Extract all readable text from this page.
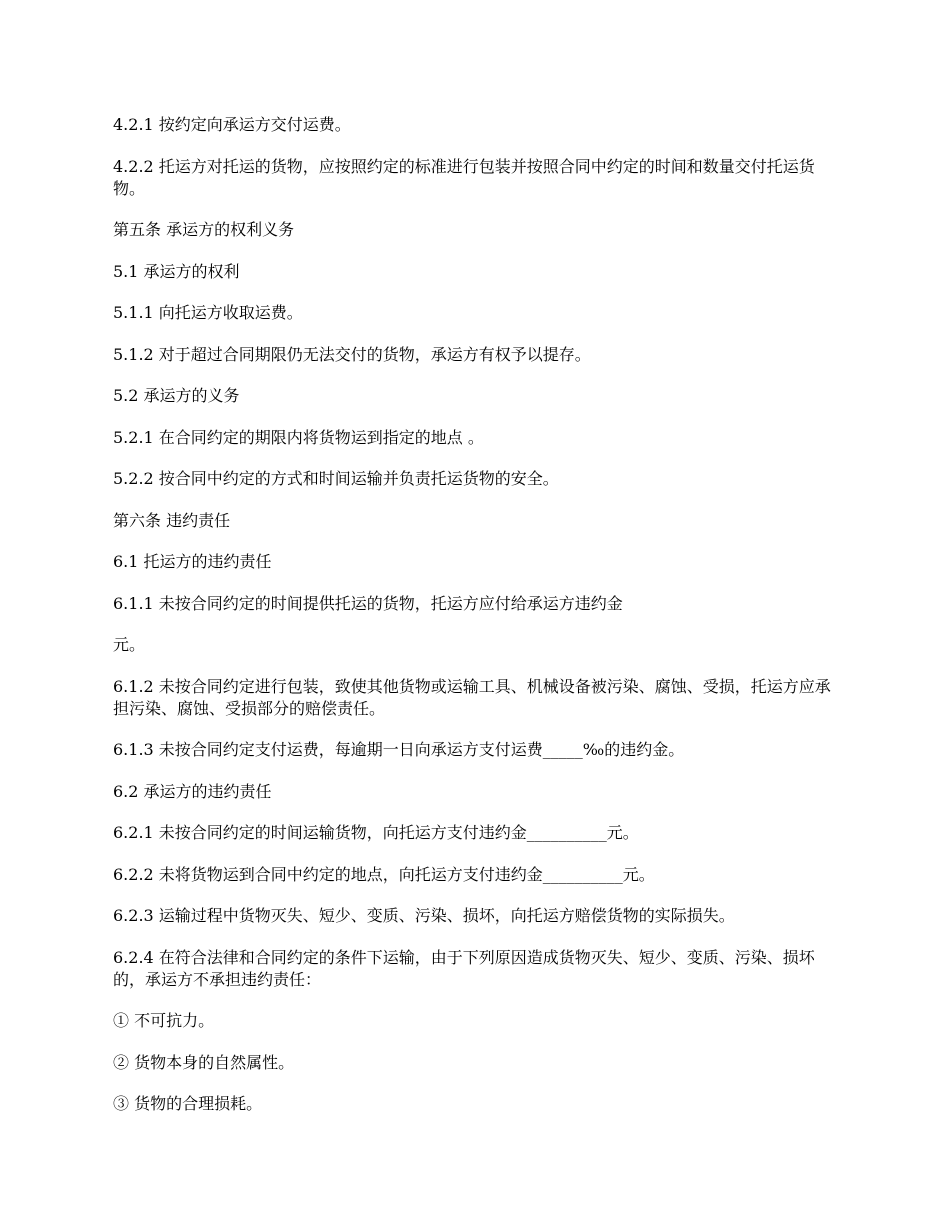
4.2.1 按约定向承运方交付运费。

4.2.2 托运方对托运的货物，应按照约定的标准进行包装并按照合同中约定的时间和数量交付托运货物。

第五条 承运方的权利义务

5.1 承运方的权利

5.1.1 向托运方收取运费。

5.1.2 对于超过合同期限仍无法交付的货物，承运方有权予以提存。

5.2 承运方的义务

5.2.1 在合同约定的期限内将货物运到指定的地点 。

5.2.2 按合同中约定的方式和时间运输并负责托运货物的安全。

第六条 违约责任

6.1 托运方的违约责任

6.1.1 未按合同约定的时间提供托运的货物，托运方应付给承运方违约金

元。

6.1.2 未按合同约定进行包装，致使其他货物或运输工具、机械设备被污染、腐蚀、受损，托运方应承担污染、腐蚀、受损部分的赔偿责任。

6.1.3 未按合同约定支付运费，每逾期一日向承运方支付运费_____‰的违约金。

6.2 承运方的违约责任

6.2.1 未按合同约定的时间运输货物，向托运方支付违约金__________元。

6.2.2 未将货物运到合同中约定的地点，向托运方支付违约金__________元。

6.2.3 运输过程中货物灭失、短少、变质、污染、损坏，向托运方赔偿货物的实际损失。

6.2.4 在符合法律和合同约定的条件下运输，由于下列原因造成货物灭失、短少、变质、污染、损坏的，承运方不承担违约责任：

① 不可抗力。

② 货物本身的自然属性。

③ 货物的合理损耗。
